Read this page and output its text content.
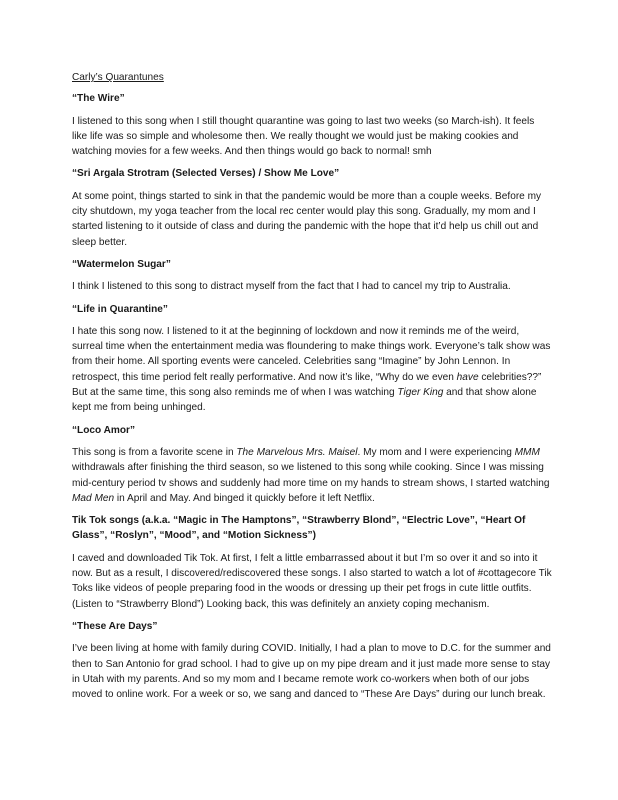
Carly’s Quarantunes
“The Wire”
I listened to this song when I still thought quarantine was going to last two weeks (so March-ish). It feels like life was so simple and wholesome then. We really thought we would just be making cookies and watching movies for a few weeks. And then things would go back to normal! smh
“Sri Argala Strotram (Selected Verses) / Show Me Love”
At some point, things started to sink in that the pandemic would be more than a couple weeks. Before my city shutdown, my yoga teacher from the local rec center would play this song. Gradually, my mom and I started listening to it outside of class and during the pandemic with the hope that it’d help us chill out and sleep better.
“Watermelon Sugar”
I think I listened to this song to distract myself from the fact that I had to cancel my trip to Australia.
“Life in Quarantine”
I hate this song now. I listened to it at the beginning of lockdown and now it reminds me of the weird, surreal time when the entertainment media was floundering to make things work. Everyone’s talk show was from their home. All sporting events were canceled. Celebrities sang “Imagine” by John Lennon. In retrospect, this time period felt really performative. And now it’s like, “Why do we even have celebrities??” But at the same time, this song also reminds me of when I was watching Tiger King and that show alone kept me from being unhinged.
“Loco Amor”
This song is from a favorite scene in The Marvelous Mrs. Maisel. My mom and I were experiencing MMM withdrawals after finishing the third season, so we listened to this song while cooking. Since I was missing mid-century period tv shows and suddenly had more time on my hands to stream shows, I started watching Mad Men in April and May. And binged it quickly before it left Netflix.
Tik Tok songs (a.k.a. “Magic in The Hamptons”, “Strawberry Blond”, “Electric Love”, “Heart Of Glass”, “Roslyn”, “Mood”, and “Motion Sickness”)
I caved and downloaded Tik Tok. At first, I felt a little embarrassed about it but I’m so over it and so into it now. But as a result, I discovered/rediscovered these songs. I also started to watch a lot of #cottagecore Tik Toks like videos of people preparing food in the woods or dressing up their pet frogs in cute little outfits. (Listen to “Strawberry Blond”) Looking back, this was definitely an anxiety coping mechanism.
“These Are Days”
I’ve been living at home with family during COVID. Initially, I had a plan to move to D.C. for the summer and then to San Antonio for grad school. I had to give up on my pipe dream and it just made more sense to stay in Utah with my parents. And so my mom and I became remote work co-workers when both of our jobs moved to online work. For a week or so, we sang and danced to “These Are Days” during our lunch break.
